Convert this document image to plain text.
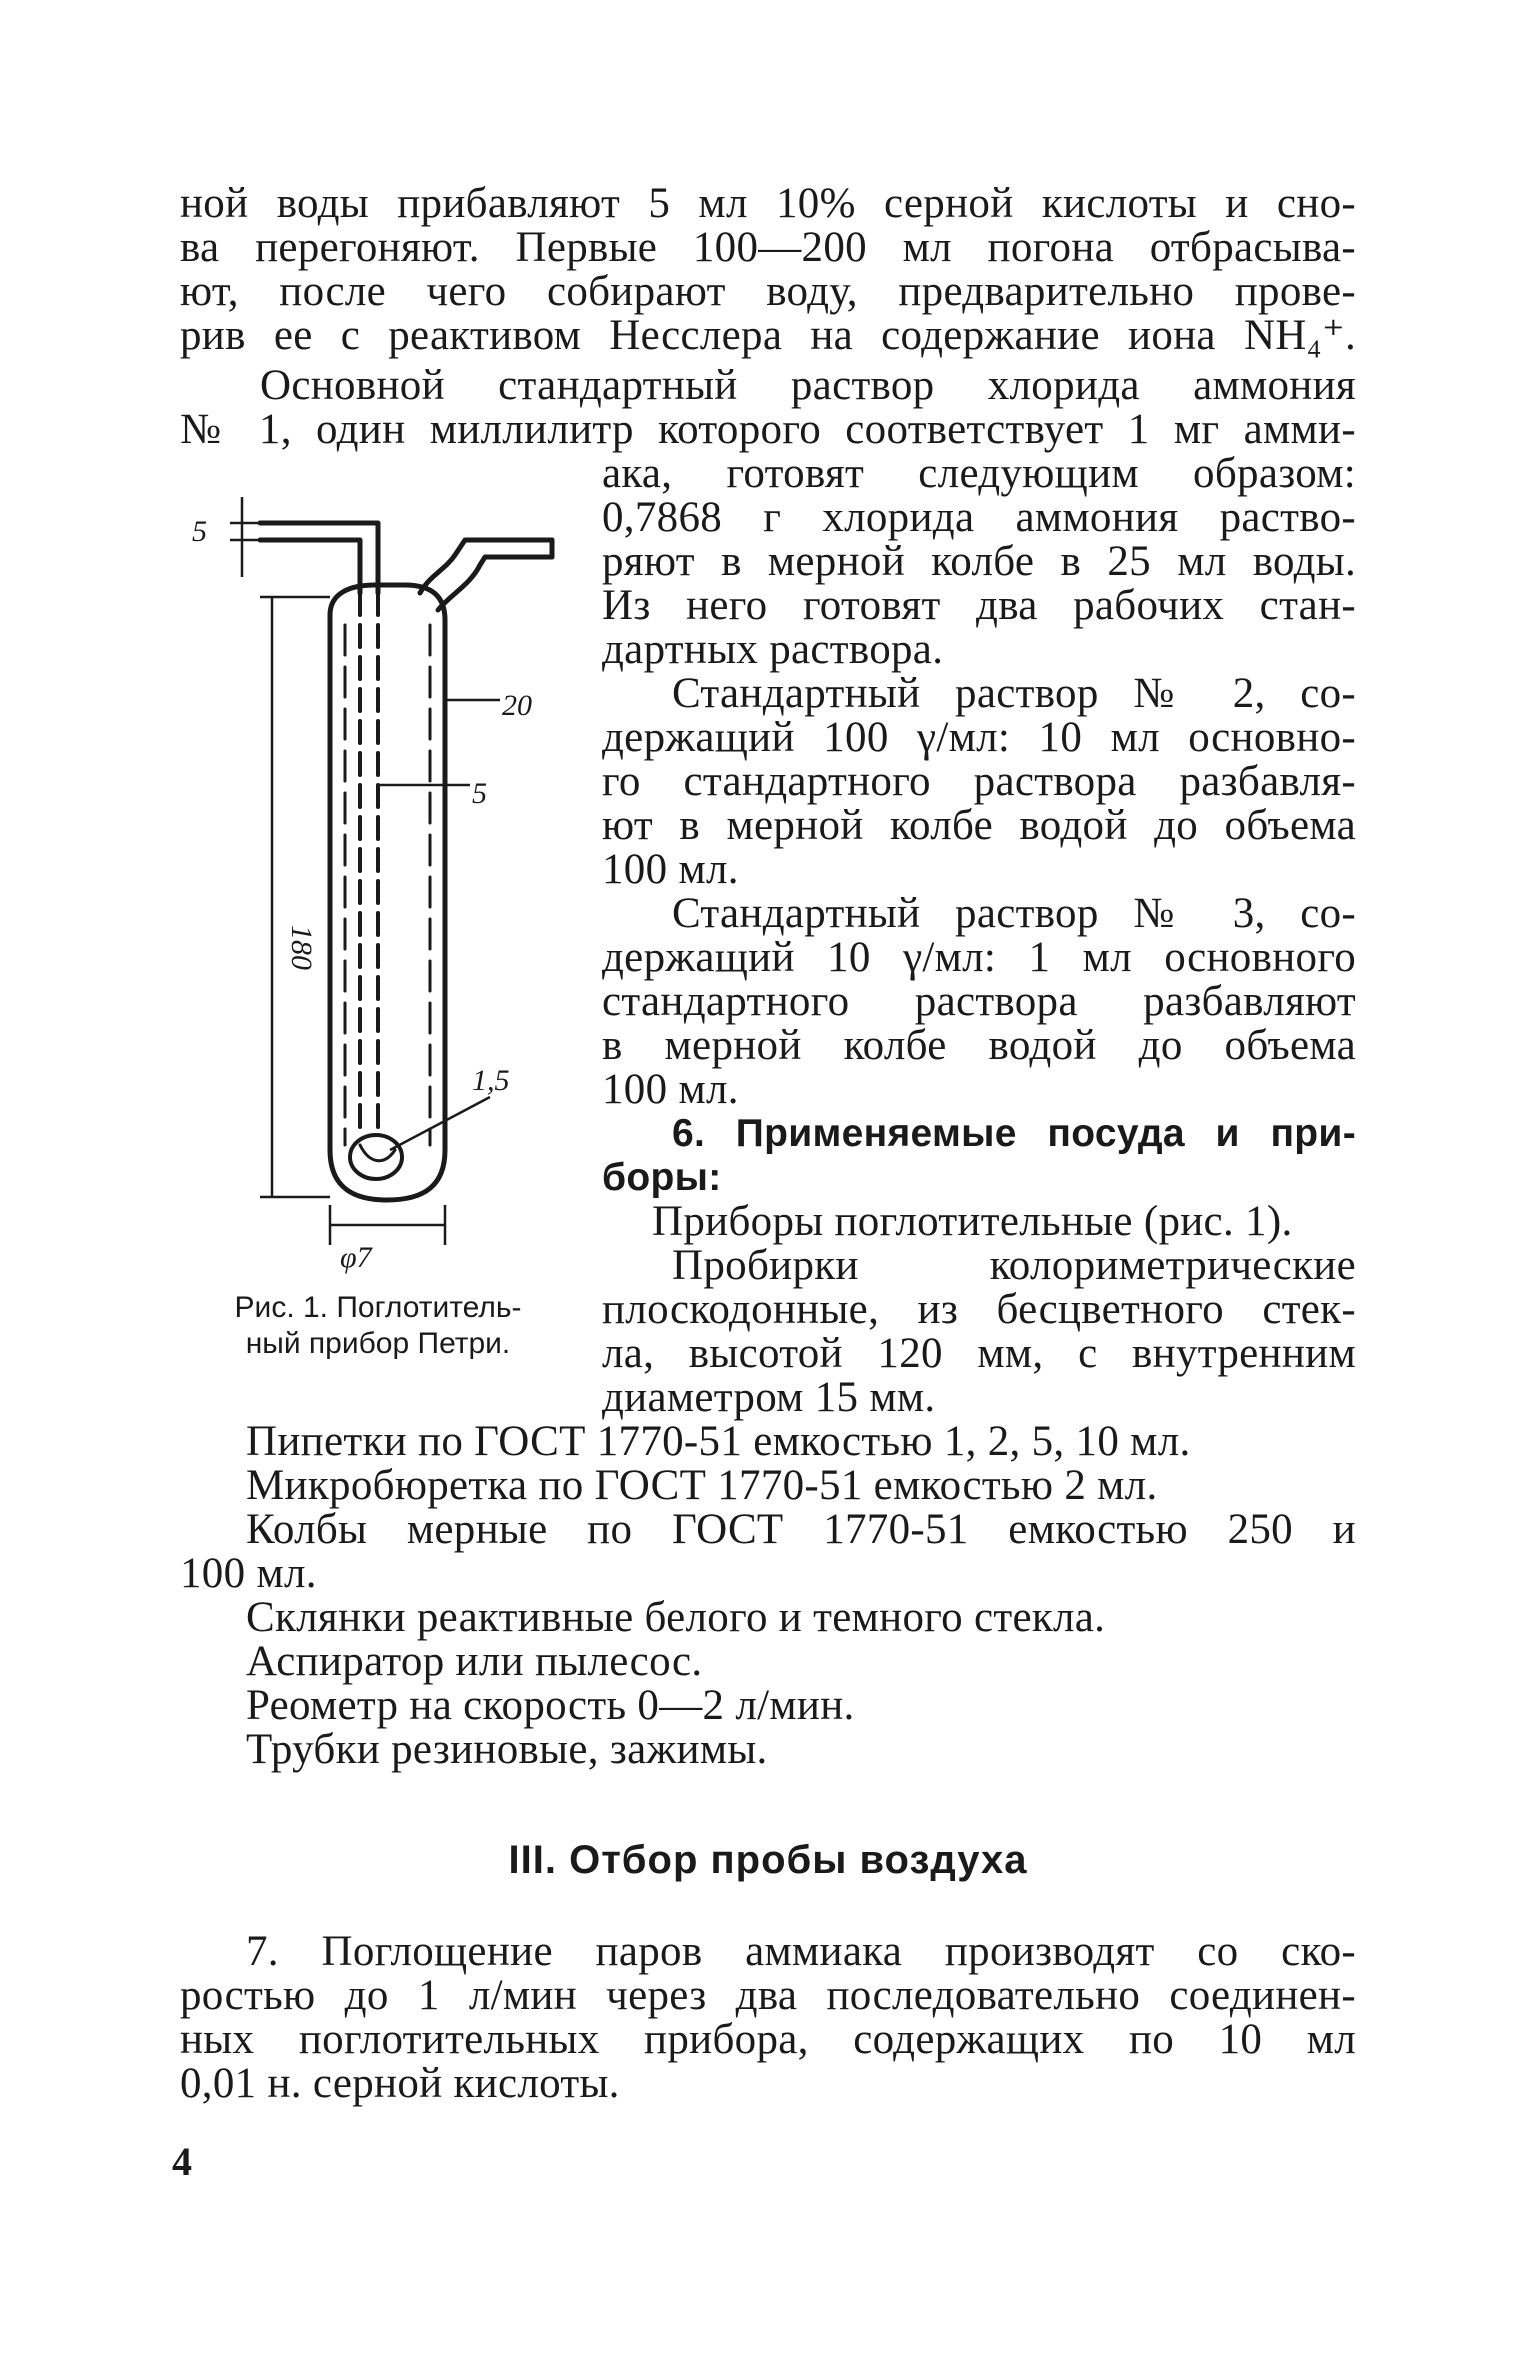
ной воды прибавляют 5 мл 10% серной кислоты и сно-
ва перегоняют. Первые 100—200 мл погона отбрасыва-
ют, после чего собирают воду, предварительно прове-
рив ее с реактивом Несслера на содержание иона NH₄⁺.
Основной стандартный раствор хлорида аммония
№ 1, один миллилитр которого соответствует 1 мг амми-
ака, готовят следующим образом:
0,7868 г хлорида аммония раство-
ряют в мерной колбе в 25 мл воды.
Из него готовят два рабочих стан-
дартных раствора.
Стандартный раствор № 2, со-
держащий 100 γ/мл: 10 мл основно-
го стандартного раствора разбавля-
ют в мерной колбе водой до объема
100 мл.
Стандартный раствор № 3, со-
держащий 10 γ/мл: 1 мл основного
стандартного раствора разбавляют
в мерной колбе водой до объема
100 мл.
6. Применяемые посуда и при-
боры:
Приборы поглотительные (рис. 1).
Пробирки колориметрические
плоскодонные, из бесцветного стек-
ла, высотой 120 мм, с внутренним
диаметром 15 мм.
5
20
5
180
1,5
φ7
Рис. 1. Поглотитель-
ный прибор Петри.
Пипетки по ГОСТ 1770-51 емкостью 1, 2, 5, 10 мл.
Микробюретка по ГОСТ 1770-51 емкостью 2 мл.
Колбы мерные по ГОСТ 1770-51 емкостью 250 и
100 мл.
Склянки реактивные белого и темного стекла.
Аспиратор или пылесос.
Реометр на скорость 0—2 л/мин.
Трубки резиновые, зажимы.
III. Отбор пробы воздуха
7. Поглощение паров аммиака производят со ско-
ростью до 1 л/мин через два последовательно соединен-
ных поглотительных прибора, содержащих по 10 мл
0,01 н. серной кислоты.
4
